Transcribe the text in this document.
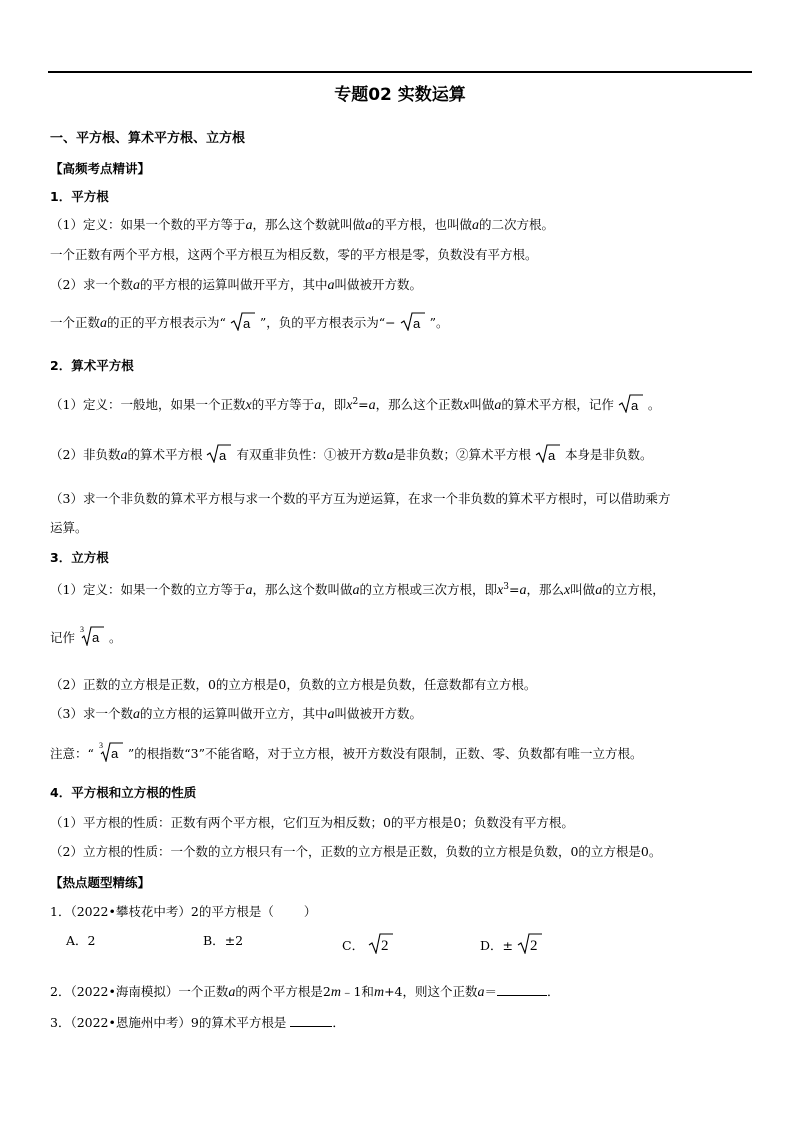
专题02 实数运算
一、平方根、算术平方根、立方根
【高频考点精讲】
1．平方根
（1）定义：如果一个数的平方等于a，那么这个数就叫做a的平方根，也叫做a的二次方根。
一个正数有两个平方根，这两个平方根互为相反数，零的平方根是零，负数没有平方根。
（2）求一个数a的平方根的运算叫做开平方，其中a叫做被开方数。
一个正数a的正的平方根表示为“ a ”，负的平方根表示为“− a ”。
2．算术平方根
（1）定义：一般地，如果一个正数x的平方等于a，即$x^2=a$，那么这个正数x叫做a的算术平方根，记作 a 。
（2）非负数a的算术平方根 a 有双重非负性：①被开方数a是非负数；②算术平方根 a 本身是非负数。
（3）求一个非负数的算术平方根与求一个数的平方互为逆运算，在求一个非负数的算术平方根时，可以借助乘方
运算。
3．立方根
（1）定义：如果一个数的立方等于a，那么这个数叫做a的立方根或三次方根，即$x^3=a$，那么x叫做a的立方根，
记作
3
a 。
（2）正数的立方根是正数，0的立方根是0，负数的立方根是负数，任意数都有立方根。
（3）求一个数a的立方根的运算叫做开立方，其中a叫做被开方数。
注意：“
3
a ”的根指数“3”不能省略，对于立方根，被开方数没有限制，正数、零、负数都有唯一立方根。
4．平方根和立方根的性质
（1）平方根的性质：正数有两个平方根，它们互为相反数；0的平方根是0；负数没有平方根。
（2）立方根的性质：一个数的立方根只有一个，正数的立方根是正数，负数的立方根是负数，0的立方根是0。
【热点题型精练】
1．（2022•攀枝花中考）2的平方根是（ ）
A．2	B．±2	C． 2	D．± 2
2．（2022•海南模拟）一个正数a的两个平方根是2m﹣1和m+4，则这个正数a＝	．
3．（2022•恩施州中考）9的算术平方根是	．
